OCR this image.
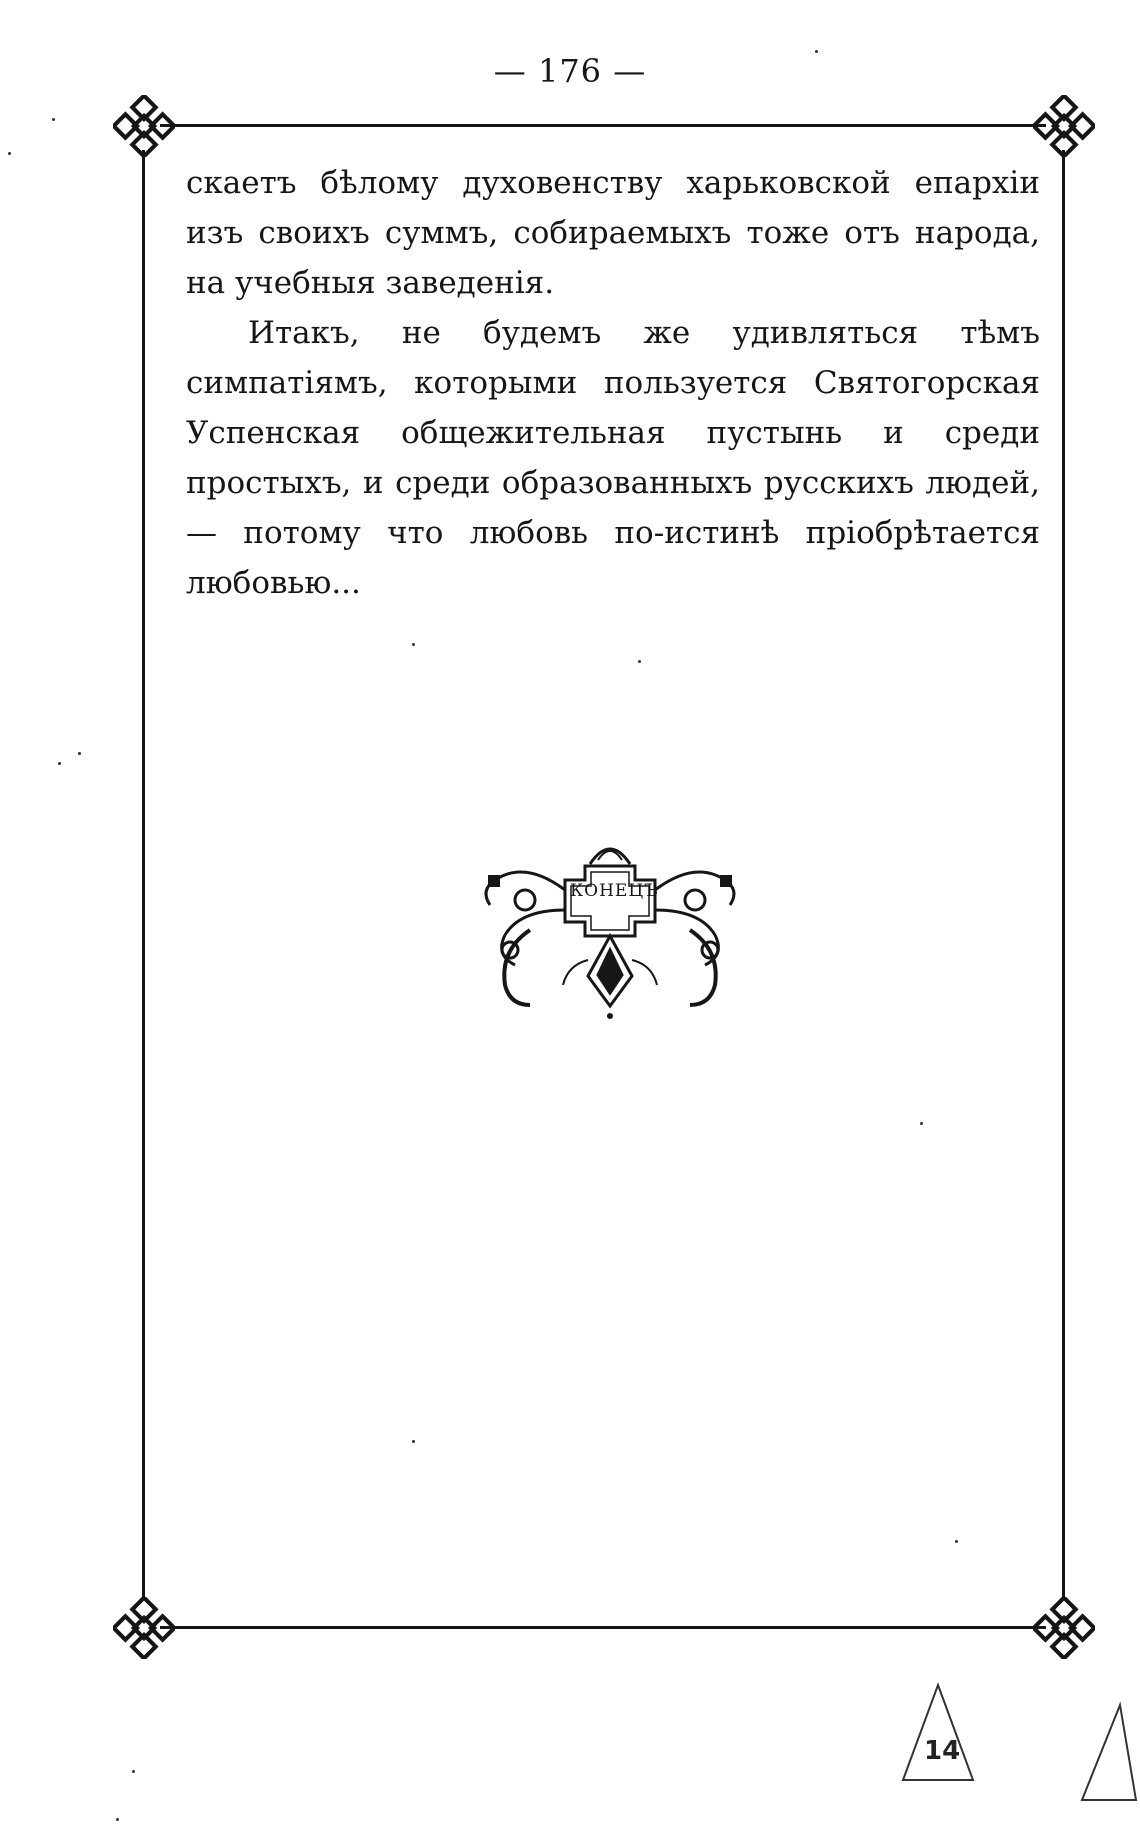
— 176 —

скаетъ бѣлому духовенству харьковской епархіи изъ своихъ суммъ, собираемыхъ тоже отъ народа, на учебныя заведенія.

Итакъ, не будемъ же удивляться тѣмъ симпатіямъ, которыми пользуется Святогорская Успенская общежительная пустынь и среди простыхъ, и среди образованныхъ русскихъ людей, — потому что любовь по-истинѣ пріобрѣтается любовью...

КОНЕЦЪ
14
